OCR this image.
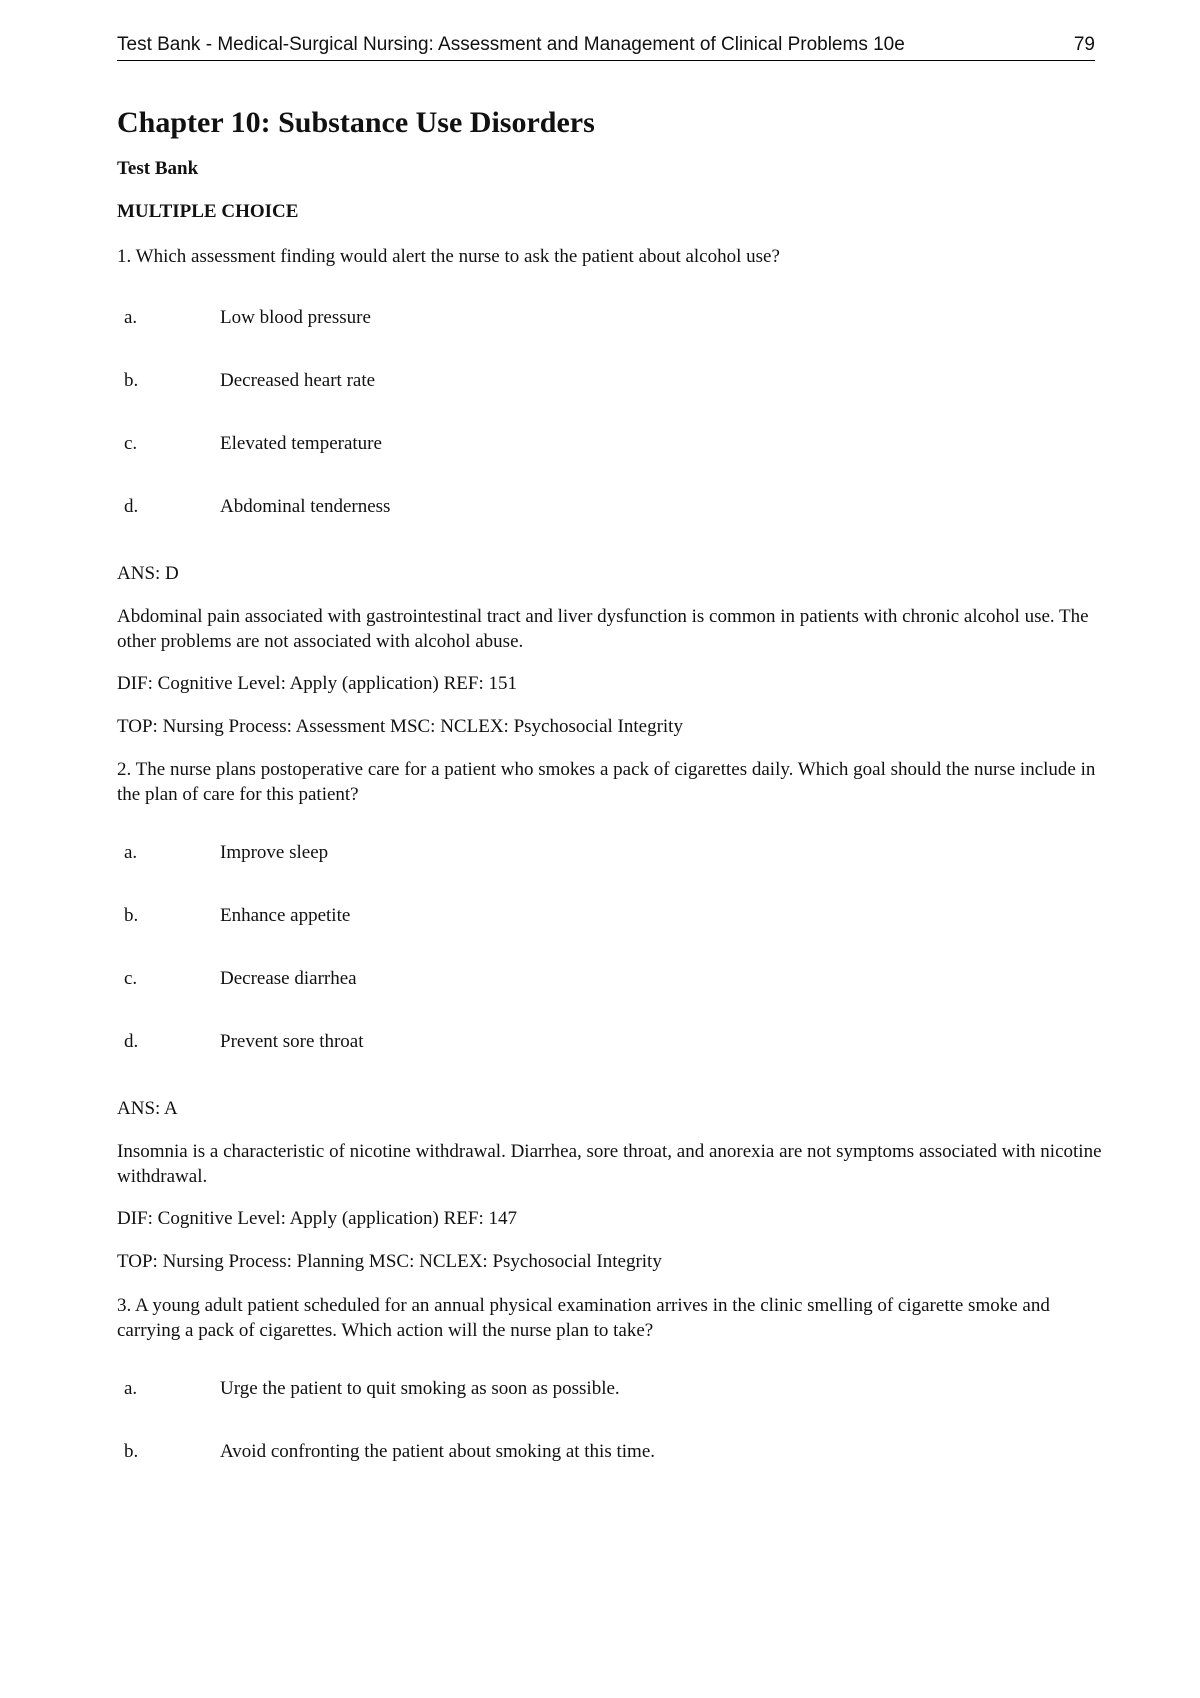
Test Bank - Medical-Surgical Nursing: Assessment and Management of Clinical Problems 10e	79
Chapter 10: Substance Use Disorders
Test Bank
MULTIPLE CHOICE
1. Which assessment finding would alert the nurse to ask the patient about alcohol use?
a.	Low blood pressure
b.	Decreased heart rate
c.	Elevated temperature
d.	Abdominal tenderness
ANS: D
Abdominal pain associated with gastrointestinal tract and liver dysfunction is common in patients with chronic alcohol use. The other problems are not associated with alcohol abuse.
DIF: Cognitive Level: Apply (application) REF: 151
TOP: Nursing Process: Assessment MSC: NCLEX: Psychosocial Integrity
2. The nurse plans postoperative care for a patient who smokes a pack of cigarettes daily. Which goal should the nurse include in the plan of care for this patient?
a.	Improve sleep
b.	Enhance appetite
c.	Decrease diarrhea
d.	Prevent sore throat
ANS: A
Insomnia is a characteristic of nicotine withdrawal. Diarrhea, sore throat, and anorexia are not symptoms associated with nicotine withdrawal.
DIF: Cognitive Level: Apply (application) REF: 147
TOP: Nursing Process: Planning MSC: NCLEX: Psychosocial Integrity
3. A young adult patient scheduled for an annual physical examination arrives in the clinic smelling of cigarette smoke and carrying a pack of cigarettes. Which action will the nurse plan to take?
a.	Urge the patient to quit smoking as soon as possible.
b.	Avoid confronting the patient about smoking at this time.
